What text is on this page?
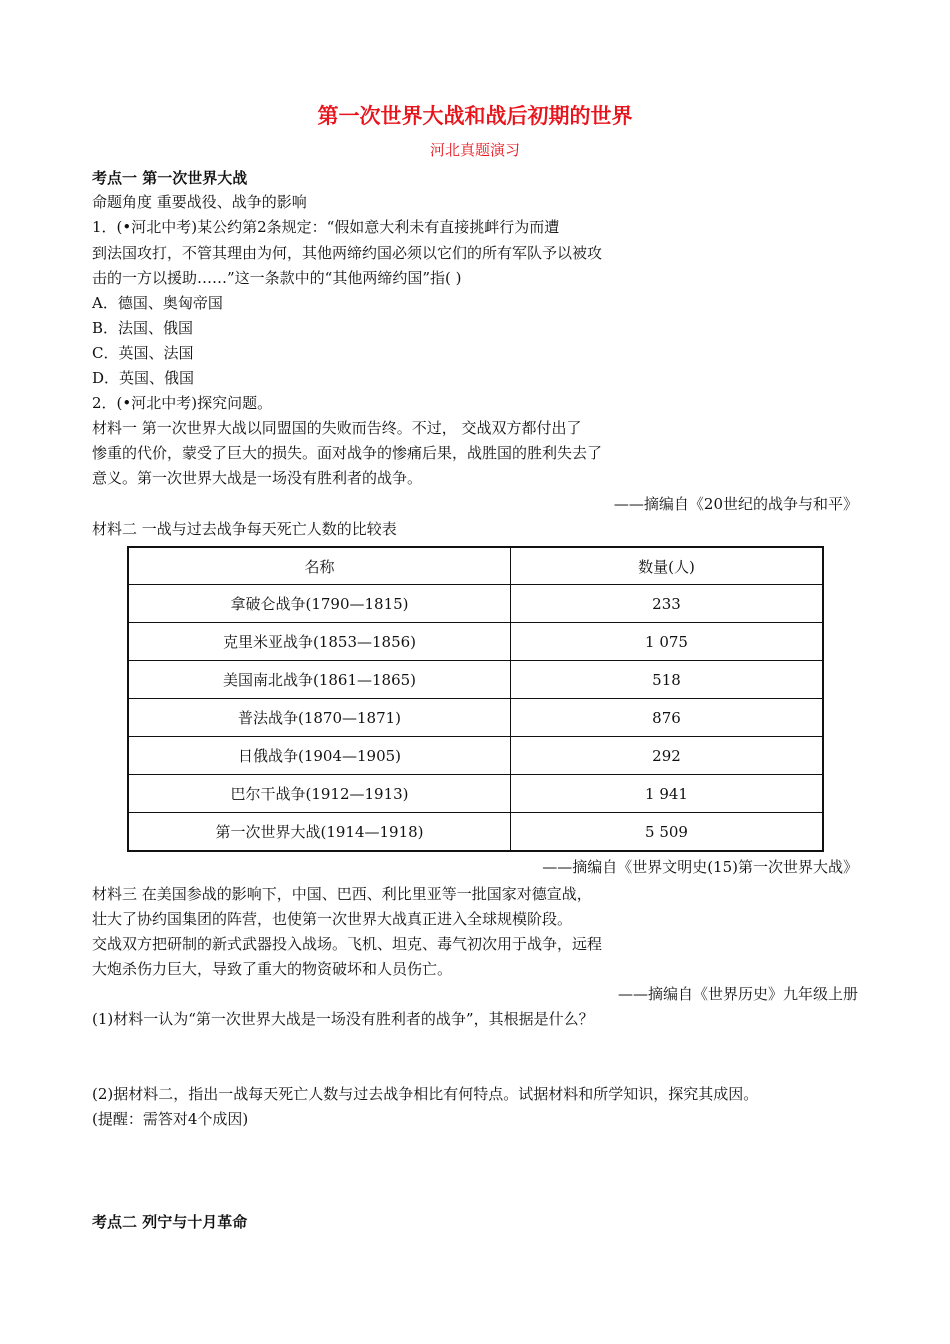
第一次世界大战和战后初期的世界
河北真题演习
考点一 第一次世界大战
命题角度 重要战役、战争的影响
1．(•河北中考)某公约第2条规定：“假如意大利未有直接挑衅行为而遭
到法国攻打，不管其理由为何，其他两缔约国必须以它们的所有军队予以被攻
击的一方以援助……”这一条款中的“其他两缔约国”指( )
A．德国、奥匈帝国
B．法国、俄国
C．英国、法国
D．英国、俄国
2．(•河北中考)探究问题。
材料一 第一次世界大战以同盟国的失败而告终。不过， 交战双方都付出了
惨重的代价，蒙受了巨大的损失。面对战争的惨痛后果，战胜国的胜利失去了
意义。第一次世界大战是一场没有胜利者的战争。
——摘编自《20世纪的战争与和平》
材料二 一战与过去战争每天死亡人数的比较表
名称	数量(人)
拿破仑战争(1790—1815)	233
克里米亚战争(1853—1856)	1 075
美国南北战争(1861—1865)	518
普法战争(1870—1871)	876
日俄战争(1904—1905)	292
巴尔干战争(1912—1913)	1 941
第一次世界大战(1914—1918)	5 509
——摘编自《世界文明史(15)第一次世界大战》
材料三 在美国参战的影响下，中国、巴西、利比里亚等一批国家对德宣战，
壮大了协约国集团的阵营，也使第一次世界大战真正进入全球规模阶段。
交战双方把研制的新式武器投入战场。飞机、坦克、毒气初次用于战争，远程
大炮杀伤力巨大，导致了重大的物资破坏和人员伤亡。
——摘编自《世界历史》九年级上册
(1)材料一认为“第一次世界大战是一场没有胜利者的战争”，其根据是什么？
(2)据材料二，指出一战每天死亡人数与过去战争相比有何特点。试据材料和所学知识，探究其成因。
(提醒：需答对4个成因)
考点二 列宁与十月革命
